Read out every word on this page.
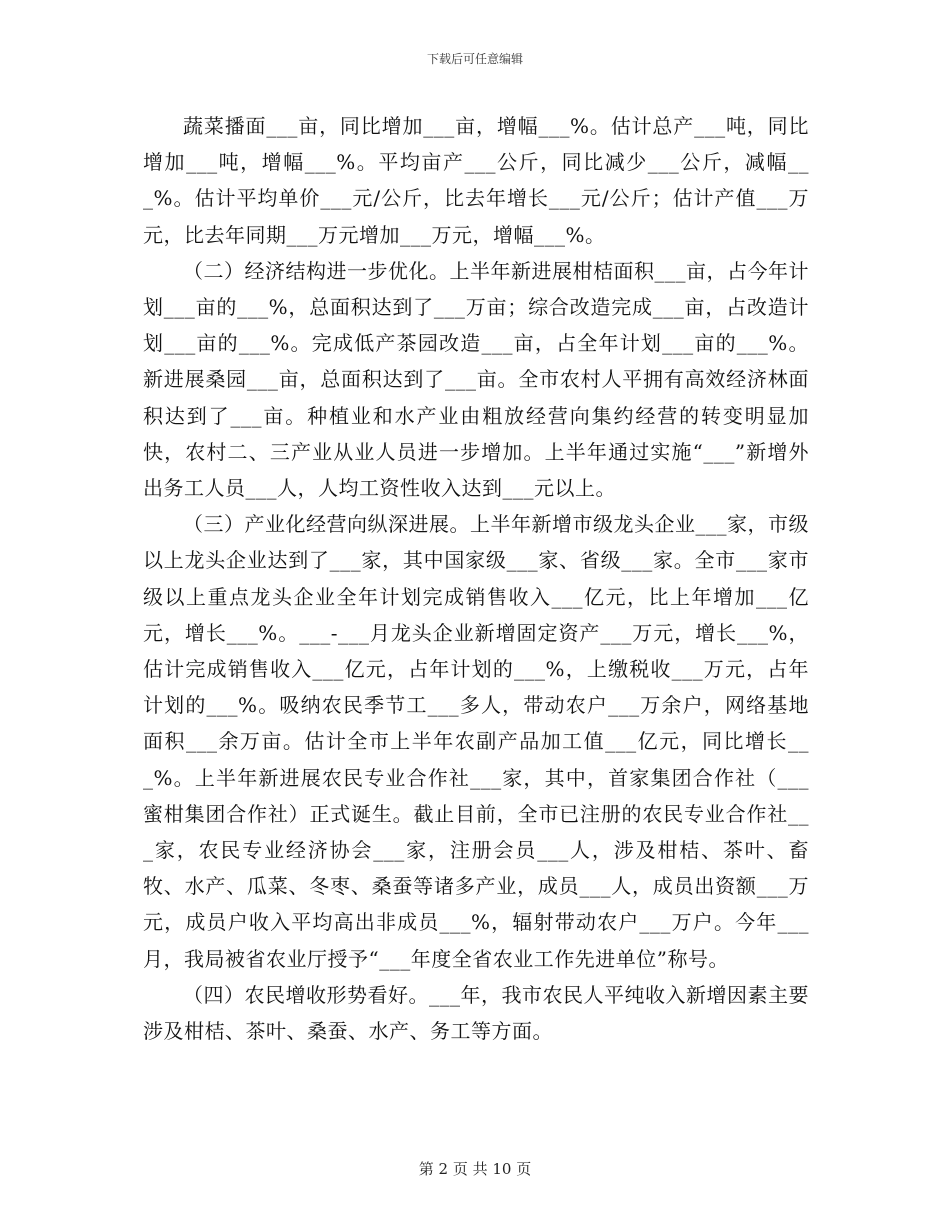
下载后可任意编辑

蔬菜播面___亩，同比增加___亩，增幅___%。估计总产___吨，同比增加___吨，增幅___%。平均亩产___公斤，同比减少___公斤，减幅___%。估计平均单价___元/公斤，比去年增长___元/公斤；估计产值___万元，比去年同期___万元增加___万元，增幅___%。

（二）经济结构进一步优化。上半年新进展柑桔面积___亩，占今年计划___亩的___%，总面积达到了___万亩；综合改造完成___亩，占改造计划___亩的___%。完成低产茶园改造___亩，占全年计划___亩的___%。新进展桑园___亩，总面积达到了___亩。全市农村人平拥有高效经济林面积达到了___亩。种植业和水产业由粗放经营向集约经营的转变明显加快，农村二、三产业从业人员进一步增加。上半年通过实施“___”新增外出务工人员___人，人均工资性收入达到___元以上。

（三）产业化经营向纵深进展。上半年新增市级龙头企业___家，市级以上龙头企业达到了___家，其中国家级___家、省级___家。全市___家市级以上重点龙头企业全年计划完成销售收入___亿元，比上年增加___亿元，增长___%。___-___月龙头企业新增固定资产___万元，增长___%，估计完成销售收入___亿元，占年计划的___%，上缴税收___万元，占年计划的___%。吸纳农民季节工___多人，带动农户___万余户，网络基地面积___余万亩。估计全市上半年农副产品加工值___亿元，同比增长___%。上半年新进展农民专业合作社___家，其中，首家集团合作社（___蜜柑集团合作社）正式诞生。截止目前，全市已注册的农民专业合作社___家，农民专业经济协会___家，注册会员___人，涉及柑桔、茶叶、畜牧、水产、瓜菜、冬枣、桑蚕等诸多产业，成员___人，成员出资额___万元，成员户收入平均高出非成员___%，辐射带动农户___万户。今年___月，我局被省农业厅授予“___年度全省农业工作先进单位”称号。

（四）农民增收形势看好。___年，我市农民人平纯收入新增因素主要涉及柑桔、茶叶、桑蚕、水产、务工等方面。

第 2 页 共 10 页
